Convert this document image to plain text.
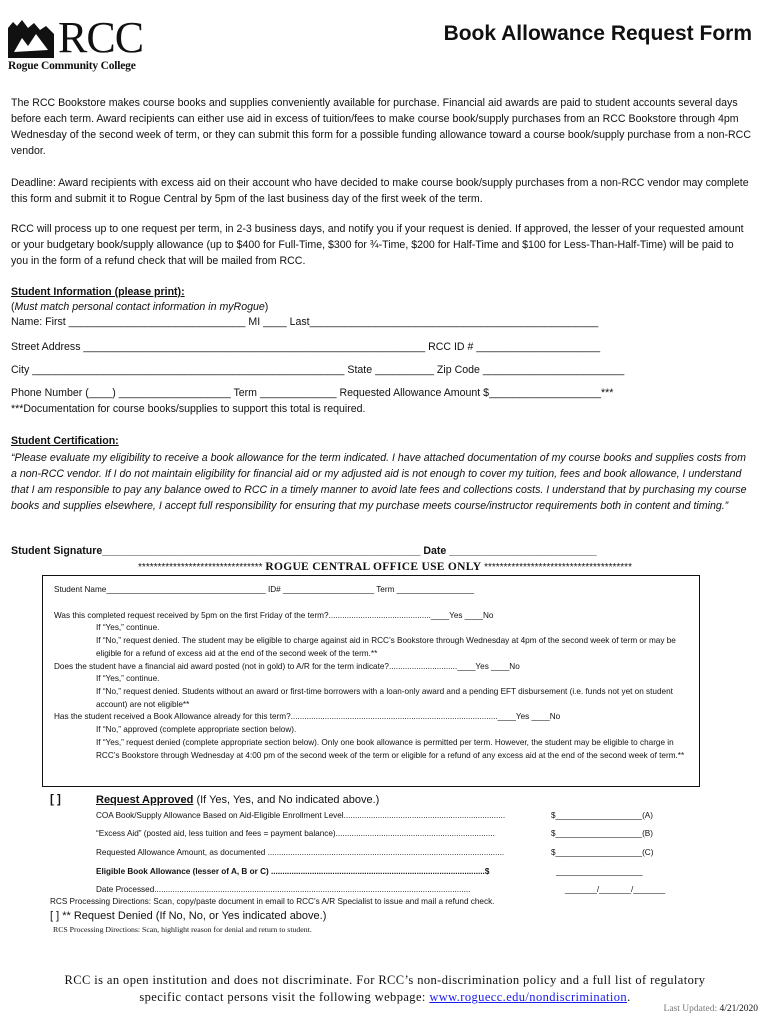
RCC
Rogue Community College
Book Allowance Request Form
The RCC Bookstore makes course books and supplies conveniently available for purchase. Financial aid awards are paid to student accounts several days before each term. Award recipients can either use aid in excess of tuition/fees to make course book/supply purchases from an RCC Bookstore through 4pm Wednesday of the second week of term, or they can submit this form for a possible funding allowance toward a course book/supply purchase from a non-RCC vendor.
Deadline: Award recipients with excess aid on their account who have decided to make course book/supply purchases from a non-RCC vendor may complete this form and submit it to Rogue Central by 5pm of the last business day of the first week of the term.
RCC will process up to one request per term, in 2-3 business days, and notify you if your request is denied. If approved, the lesser of your requested amount or your budgetary book/supply allowance (up to $400 for Full-Time, $300 for ¾-Time, $200 for Half-Time and $100 for Less-Than-Half-Time) will be paid to you in the form of a refund check that will be mailed from RCC.
Student Information (please print):
(Must match personal contact information in myRogue)
Name: First ______________________________ MI ____ Last_________________________________________________
Street Address __________________________________________________________ RCC ID # _____________________
City _____________________________________________________ State __________ Zip Code ________________________
Phone Number (____) ___________________ Term _____________ Requested Allowance Amount $___________________***
***Documentation for course books/supplies to support this total is required.
Student Certification:
“Please evaluate my eligibility to receive a book allowance for the term indicated. I have attached documentation of my course books and supplies costs from a non-RCC vendor. If I do not maintain eligibility for financial aid or my adjusted aid is not enough to cover my tuition, fees and book allowance, I understand that I am responsible to pay any balance owed to RCC in a timely manner to avoid late fees and collections costs. I understand that by purchasing my course books and supplies elsewhere, I accept full responsibility for ensuring that my purchase meets course/instructor requirements both in content and timing.”
Student Signature______________________________________________________ Date _________________________
******************************** ROGUE CENTRAL OFFICE USE ONLY **************************************
Student Name___________________________________ ID# ____________________ Term _________________
Was this completed request received by 5pm on the first Friday of the term?.............................................____Yes ____No
If “Yes,” continue.
If “No,” request denied. The student may be eligible to charge against aid in RCC’s Bookstore through Wednesday at 4pm of the second week of term or may be eligible for a refund of excess aid at the end of the second week of the term.**
Does the student have a financial aid award posted (not in gold) to A/R for the term indicate?..............................____Yes ____No
If “Yes,” continue.
If “No,” request denied. Students without an award or first-time borrowers with a loan-only award and a pending EFT disbursement (i.e. funds not yet on student account) are not eligible**
Has the student received a Book Allowance already for this term?...........................................................................................____Yes ____No
If “No,” approved (complete appropriate section below).
If “Yes,” request denied (complete appropriate section below). Only one book allowance is permitted per term. However, the student may be eligible to charge in RCC’s Bookstore through Wednesday at 4:00 pm of the second week of the term or eligible for a refund of any excess aid at the end of the second week of term.**
[ ]	Request Approved (If Yes, Yes, and No indicated above.)
COA Book/Supply Allowance Based on Aid-Eligible Enrollment Level.......................................................................	$___________________(A)
“Excess Aid” (posted aid, less tuition and fees = payment balance)......................................................................	$___________________(B)
Requested Allowance Amount, as documented ........................................................................................................	$___________________(C)
Eligible Book Allowance (lesser of A, B or C) ..............................................................................................$	___________________
Date Processed...........................................................................................................................................	_______/_______/_______
RCS Processing Directions: Scan, copy/paste document in email to RCC’s A/R Specialist to issue and mail a refund check.
[ ] ** Request Denied (If No, No, or Yes indicated above.)
RCS Processing Directions: Scan, highlight reason for denial and return to student.
RCC is an open institution and does not discriminate. For RCC’s non-discrimination policy and a full list of regulatory
specific contact persons visit the following webpage: www.roguecc.edu/nondiscrimination.
Last Updated: 4/21/2020
